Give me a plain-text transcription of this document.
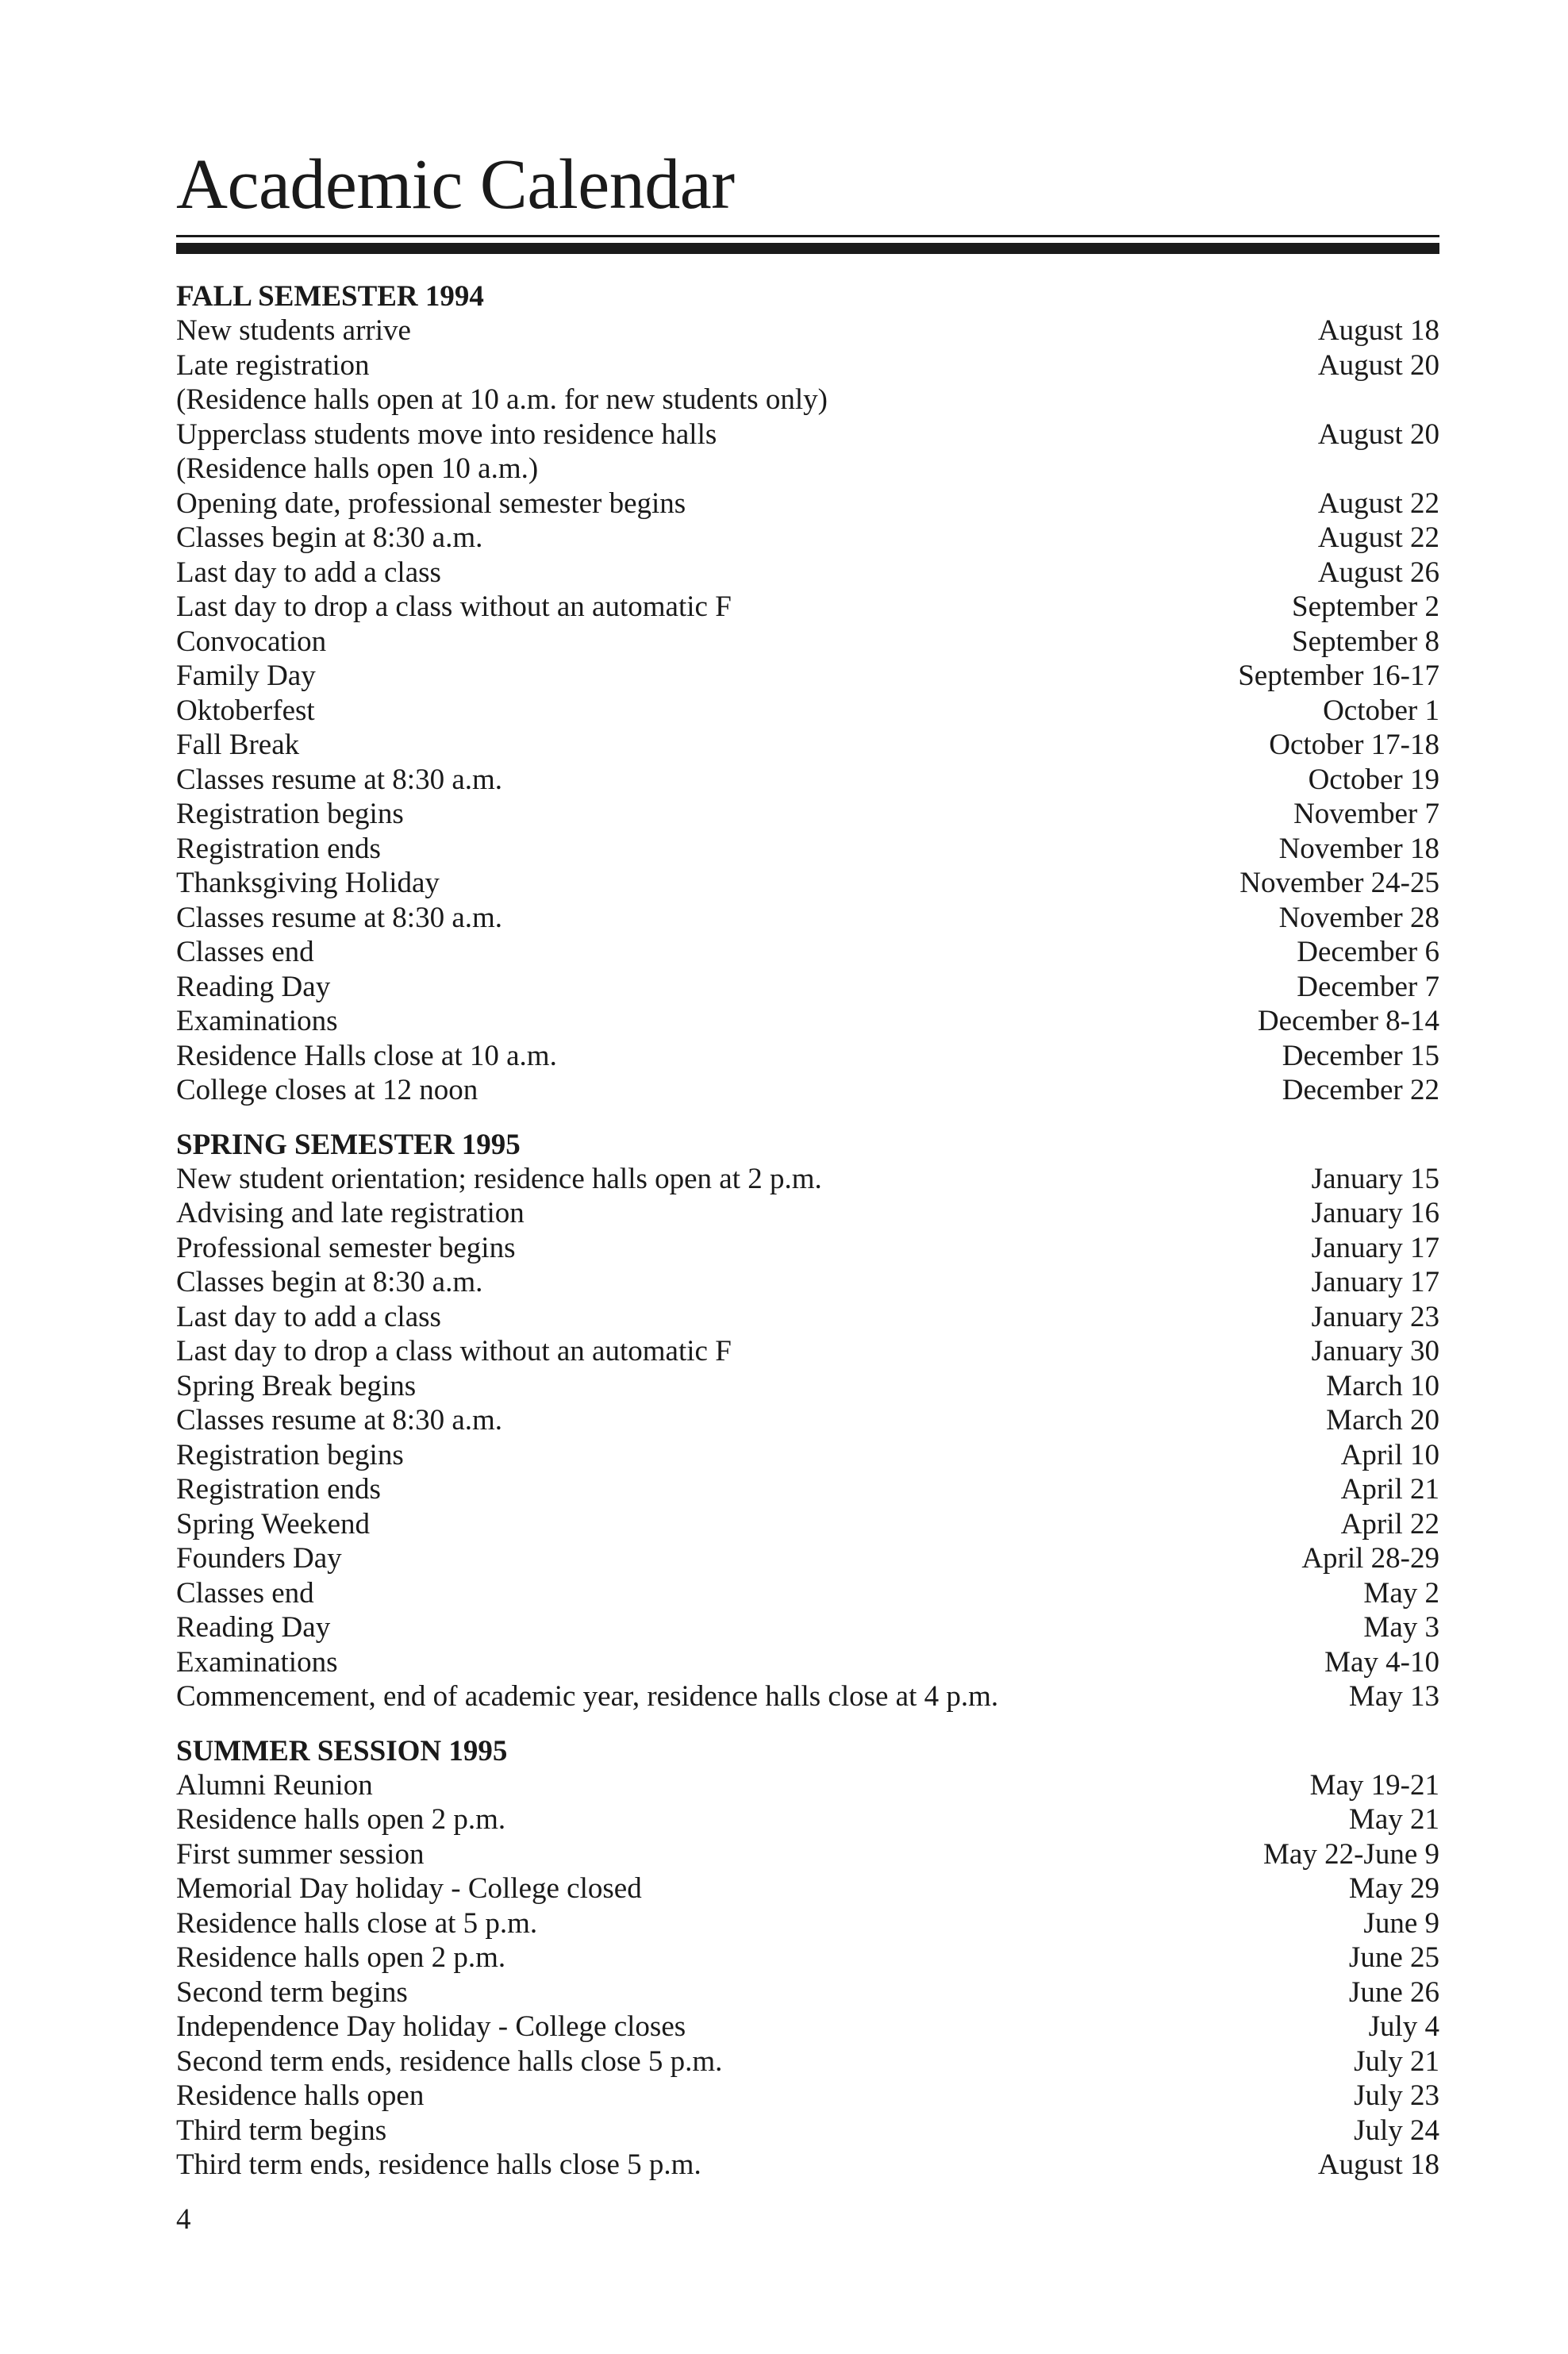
Academic Calendar
FALL SEMESTER 1994
New students arrive	August 18
Late registration	August 20
(Residence halls open at 10 a.m. for new students only)
Upperclass students move into residence halls	August 20
(Residence halls open 10 a.m.)
Opening date, professional semester begins	August 22
Classes begin at 8:30 a.m.	August 22
Last day to add a class	August 26
Last day to drop a class without an automatic F	September 2
Convocation	September 8
Family Day	September 16-17
Oktoberfest	October 1
Fall Break	October 17-18
Classes resume at 8:30 a.m.	October 19
Registration begins	November 7
Registration ends	November 18
Thanksgiving Holiday	November 24-25
Classes resume at 8:30 a.m.	November 28
Classes end	December 6
Reading Day	December 7
Examinations	December 8-14
Residence Halls close at 10 a.m.	December 15
College closes at 12 noon	December 22
SPRING SEMESTER 1995
New student orientation; residence halls open at 2 p.m.	January 15
Advising and late registration	January 16
Professional semester begins	January 17
Classes begin at 8:30 a.m.	January 17
Last day to add a class	January 23
Last day to drop a class without an automatic F	January 30
Spring Break begins	March 10
Classes resume at 8:30 a.m.	March 20
Registration begins	April 10
Registration ends	April 21
Spring Weekend	April 22
Founders Day	April 28-29
Classes end	May 2
Reading Day	May 3
Examinations	May 4-10
Commencement, end of academic year, residence halls close at 4 p.m.	May 13
SUMMER SESSION 1995
Alumni Reunion	May 19-21
Residence halls open 2 p.m.	May 21
First summer session	May 22-June 9
Memorial Day holiday - College closed	May 29
Residence halls close at 5 p.m.	June 9
Residence halls open 2 p.m.	June 25
Second term begins	June 26
Independence Day holiday - College closes	July 4
Second term ends, residence halls close 5 p.m.	July 21
Residence halls open	July 23
Third term begins	July 24
Third term ends, residence halls close 5 p.m.	August 18
4
